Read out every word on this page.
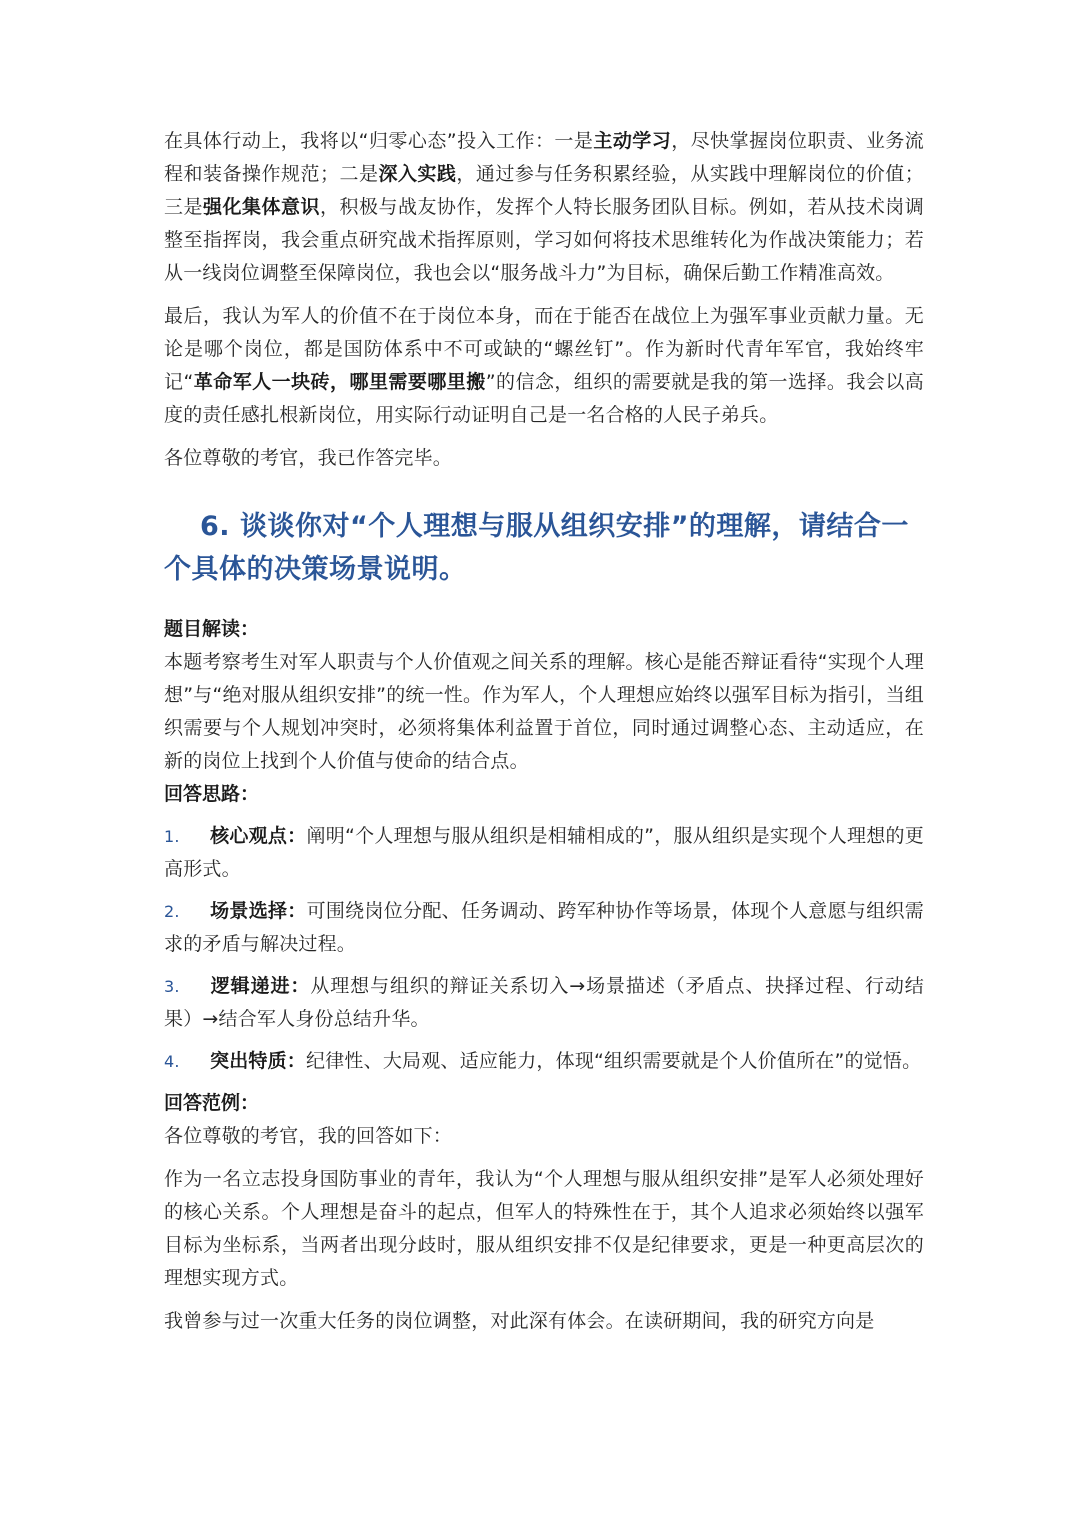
在具体行动上，我将以“归零心态”投入工作：一是主动学习，尽快掌握岗位职责、业务流程和装备操作规范；二是深入实践，通过参与任务积累经验，从实践中理解岗位的价值；三是强化集体意识，积极与战友协作，发挥个人特长服务团队目标。例如，若从技术岗调整至指挥岗，我会重点研究战术指挥原则，学习如何将技术思维转化为作战决策能力；若从一线岗位调整至保障岗位，我也会以“服务战斗力”为目标，确保后勤工作精准高效。

最后，我认为军人的价值不在于岗位本身，而在于能否在战位上为强军事业贡献力量。无论是哪个岗位，都是国防体系中不可或缺的“螺丝钉”。作为新时代青年军官，我始终牢记“革命军人一块砖，哪里需要哪里搬”的信念，组织的需要就是我的第一选择。我会以高度的责任感扎根新岗位，用实际行动证明自己是一名合格的人民子弟兵。

各位尊敬的考官，我已作答完毕。

6. 谈谈你对“个人理想与服从组织安排”的理解，请结合一个具体的决策场景说明。

题目解读：

本题考察考生对军人职责与个人价值观之间关系的理解。核心是能否辩证看待“实现个人理想”与“绝对服从组织安排”的统一性。作为军人，个人理想应始终以强军目标为指引，当组织需要与个人规划冲突时，必须将集体利益置于首位，同时通过调整心态、主动适应，在新的岗位上找到个人价值与使命的结合点。

回答思路：

1. 核心观点：阐明“个人理想与服从组织是相辅相成的”，服从组织是实现个人理想的更高形式。

2. 场景选择：可围绕岗位分配、任务调动、跨军种协作等场景，体现个人意愿与组织需求的矛盾与解决过程。

3. 逻辑递进：从理想与组织的辩证关系切入→场景描述（矛盾点、抉择过程、行动结果）→结合军人身份总结升华。

4. 突出特质：纪律性、大局观、适应能力，体现“组织需要就是个人价值所在”的觉悟。

回答范例：

各位尊敬的考官，我的回答如下：

作为一名立志投身国防事业的青年，我认为“个人理想与服从组织安排”是军人必须处理好的核心关系。个人理想是奋斗的起点，但军人的特殊性在于，其个人追求必须始终以强军目标为坐标系，当两者出现分歧时，服从组织安排不仅是纪律要求，更是一种更高层次的理想实现方式。

我曾参与过一次重大任务的岗位调整，对此深有体会。在读研期间，我的研究方向是
